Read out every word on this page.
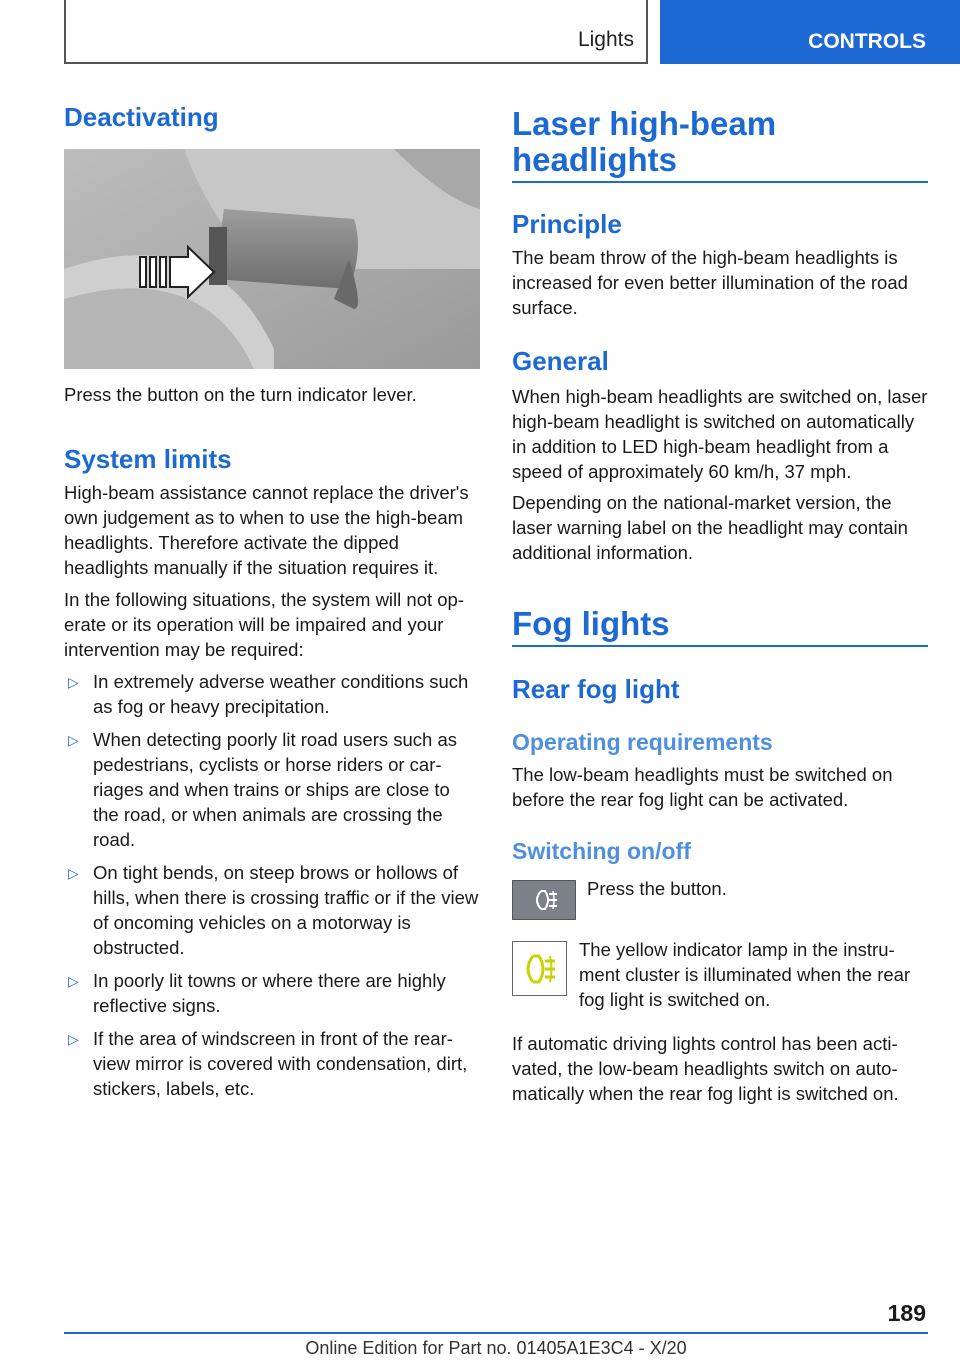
Lights	CONTROLS
Deactivating

Press the button on the turn indicator lever.

System limits

High-beam assistance cannot replace the driver's own judgement as to when to use the high-beam headlights. Therefore activate the dipped headlights manually if the situation requires it.

In the following situations, the system will not operate or its operation will be impaired and your intervention may be required:

▷ In extremely adverse weather conditions such as fog or heavy precipitation.
▷ When detecting poorly lit road users such as pedestrians, cyclists or horse riders or carriages and when trains or ships are close to the road, or when animals are crossing the road.
▷ On tight bends, on steep brows or hollows of hills, when there is crossing traffic or if the view of oncoming vehicles on a motorway is obstructed.
▷ In poorly lit towns or where there are highly reflective signs.
▷ If the area of windscreen in front of the rear-view mirror is covered with condensation, dirt, stickers, labels, etc.
Laser high-beam
headlights
Principle

The beam throw of the high-beam headlights is increased for even better illumination of the road surface.

General

When high-beam headlights are switched on, laser high-beam headlight is switched on automatically in addition to LED high-beam headlight from a speed of approximately 60 km/h, 37 mph.

Depending on the national-market version, the laser warning label on the headlight may contain additional information.

Fog lights
Rear fog light
Operating requirements

The low-beam headlights must be switched on before the rear fog light can be activated.

Switching on/off

Press the button.

The yellow indicator lamp in the instrument cluster is illuminated when the rear fog light is switched on.

If automatic driving lights control has been activated, the low-beam headlights switch on automatically when the rear fog light is switched on.

189
Online Edition for Part no. 01405A1E3C4 - X/20
